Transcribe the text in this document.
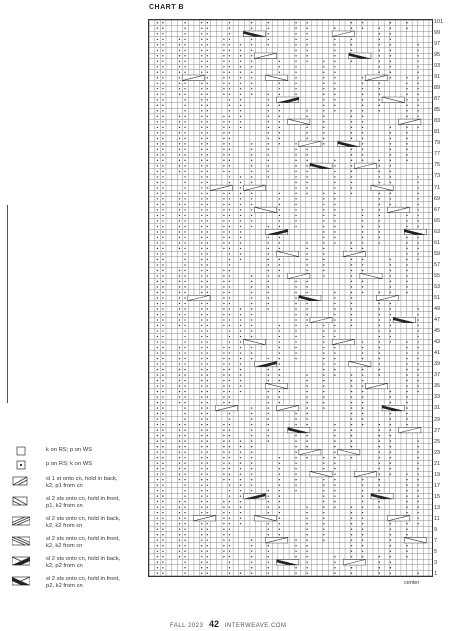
CHART B
101
99
97
95
93
91
89
87
85
83
81
79
77
75
73
71
69
67
65
63
61
59
57
55
53
51
49
47
45
43
41
39
37
35
33
31
29
27
25
23
21
19
17
15
13
11
9
7
5
3
1
center
k on RS; p on WS
p on RS; k on WS
sl 1 st onto cn, hold in back,
k2, p1 from cn
sl 2 sts onto cn, hold in front,
p1, k2 from cn
sl 2 sts onto cn, hold in back,
k2, k2 from cn
sl 2 sts onto cn, hold in front,
k2, k2 from cn
sl 2 sts onto cn, hold in back,
k2, p2 from cn
sl 2 sts onto cn, hold in front,
p2, k2 from cn
FALL 2023 42 INTERWEAVE.COM
